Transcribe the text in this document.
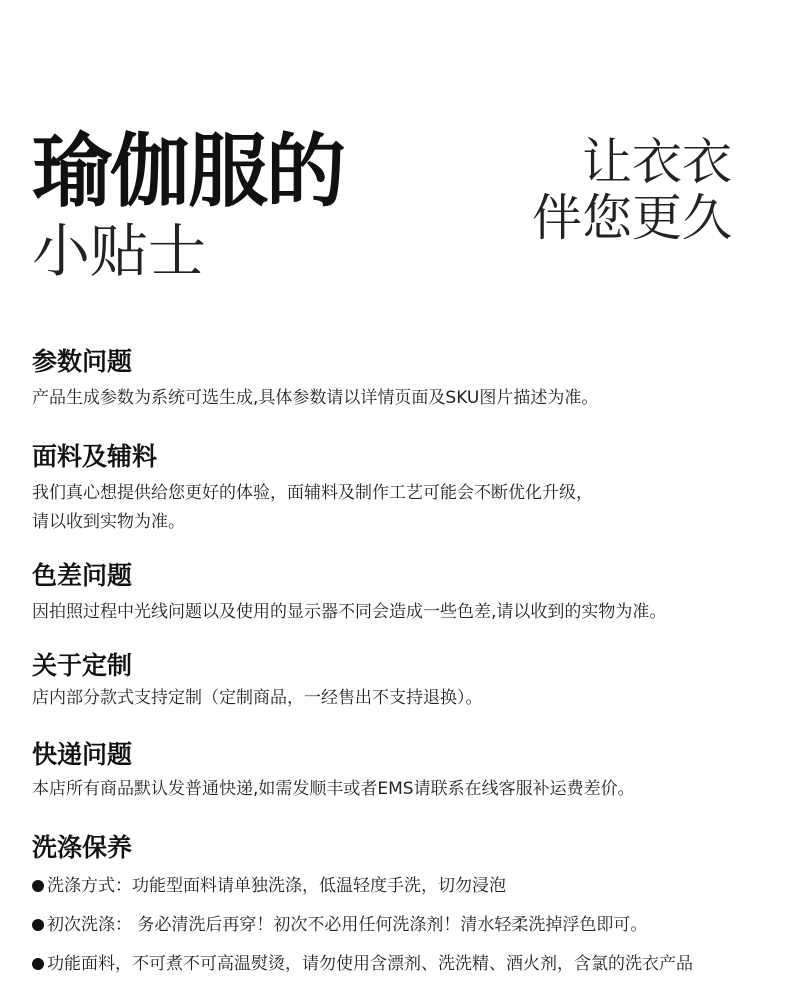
瑜伽服的
小贴士
让衣衣
伴您更久
参数问题
产品生成参数为系统可选生成,具体参数请以详情页面及SKU图片描述为准。
面料及辅料
我们真心想提供给您更好的体验，面辅料及制作工艺可能会不断优化升级，
请以收到实物为准。
色差问题
因拍照过程中光线问题以及使用的显示器不同会造成一些色差,请以收到的实物为准。
关于定制
店内部分款式支持定制（定制商品，一经售出不支持退换）。
快递问题
本店所有商品默认发普通快递,如需发顺丰或者EMS请联系在线客服补运费差价。
洗涤保养
洗涤方式：功能型面料请单独洗涤，低温轻度手洗，切勿浸泡
初次洗涤： 务必清洗后再穿！初次不必用任何洗涤剂！清水轻柔洗掉浮色即可。
功能面料，不可煮不可高温熨烫，请勿使用含漂剂、洗洗精、酒火剂，含氯的洗衣产品
